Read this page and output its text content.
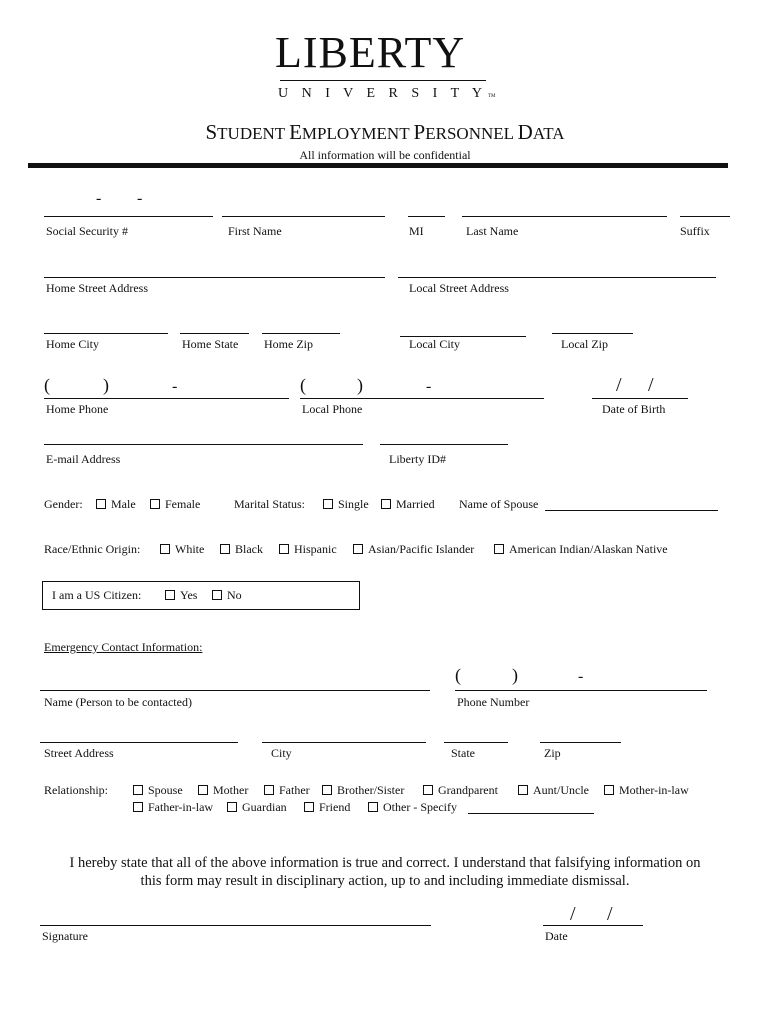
LIBERTY
U N I V E R S I T Y TM
STUDENT EMPLOYMENT PERSONNEL DATA
All information will be confidential
- -
Social Security #	First Name	MI	Last Name	Suffix
Home Street Address	Local Street Address
Home City	Home State Home Zip	Local City	Local Zip
(	)	-	(	)	-	/ /
Home Phone	Local Phone	Date of Birth
E-mail Address	Liberty ID#
Gender:	Male	Female	Marital Status:	Single	Married Name of Spouse
Race/Ethnic Origin:	White	Black	Hispanic	Asian/Pacific Islander	American Indian/Alaskan Native
I am a US Citizen:	Yes	No
Emergency Contact Information:
(	)	-
Name (Person to be contacted)	Phone Number
Street Address	City	State	Zip
Relationship:	Spouse	Mother	Father	Brother/Sister	Grandparent	Aunt/Uncle	Mother-in-law
Father-in-law	Guardian	Friend	Other - Specify
I hereby state that all of the above information is true and correct. I understand that falsifying information on
this form may result in disciplinary action, up to and including immediate dismissal.
/ /
Signature	Date
